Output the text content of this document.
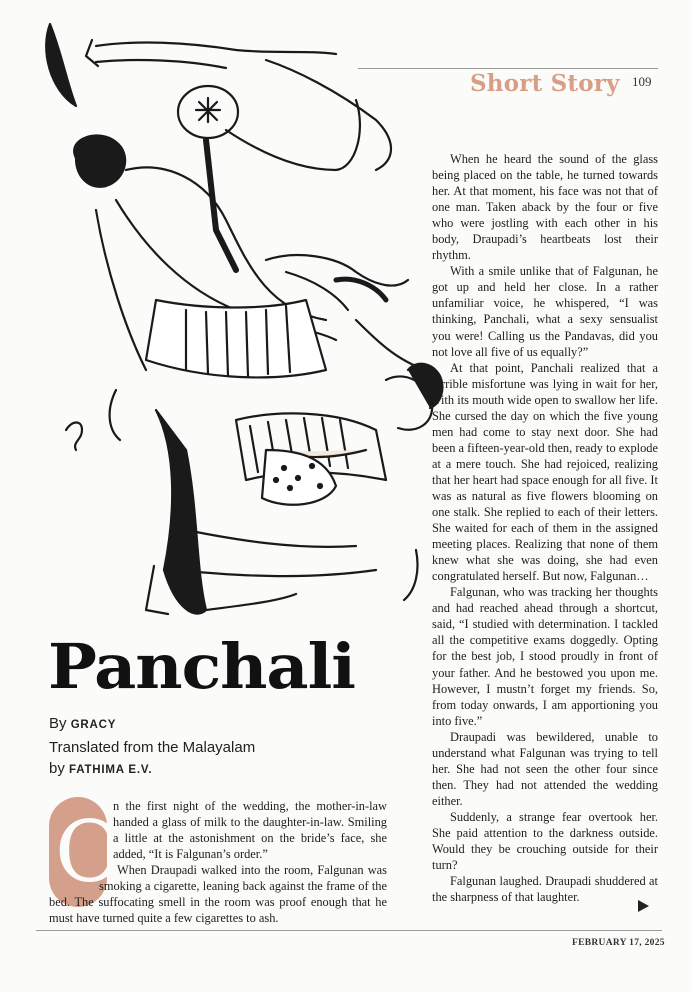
Short Story 109

When he heard the sound of the glass being placed on the table, he turned towards her. At that moment, his face was not that of one man. Taken aback by the four or five who were jostling with each other in his body, Draupadi’s heartbeats lost their rhythm.

With a smile unlike that of Falgunan, he got up and held her close. In a rather unfamiliar voice, he whispered, “I was thinking, Panchali, what a sexy sensualist you were! Calling us the Pandavas, did you not love all five of us equally?”

At that point, Panchali realized that a terrible misfortune was lying in wait for her, with its mouth wide open to swallow her life. She cursed the day on which the five young men had come to stay next door. She had been a fifteen-year-old then, ready to explode at a mere touch. She had rejoiced, realizing that her heart had space enough for all five. It was as natural as five flowers blooming on one stalk. She replied to each of their letters. She waited for each of them in the assigned meeting places. Realizing that none of them knew what she was doing, she had even congratulated herself. But now, Falgunan…

Falgunan, who was tracking her thoughts and had reached ahead through a shortcut, said, “I studied with determination. I tackled all the competitive exams doggedly. Opting for the best job, I stood proudly in front of your father. And he bestowed you upon me. However, I mustn’t forget my friends. So, from today onwards, I am apportioning you into five.”

Draupadi was bewildered, unable to understand what Falgunan was trying to tell her. She had not seen the other four since then. They had not attended the wedding either.

Suddenly, a strange fear overtook her. She paid attention to the darkness outside. Would they be crouching outside for their turn?

Falgunan laughed. Draupadi shuddered at the sharpness of that laughter.

Panchali
By GRACY
Translated from the Malayalam
by FATHIMA E.V.
O

n the first night of the wedding, the mother-in-law handed a glass of milk to the daughter-in-law. Smiling a little at the astonishment on the bride’s face, she added, “It is Falgunan’s order.”

When Draupadi walked into the room, Falgunan was smoking a cigarette, leaning back against the frame of the bed. The suffocating smell in the room was proof enough that he must have turned quite a few cigarettes to ash.

FEBRUARY 17, 2025
